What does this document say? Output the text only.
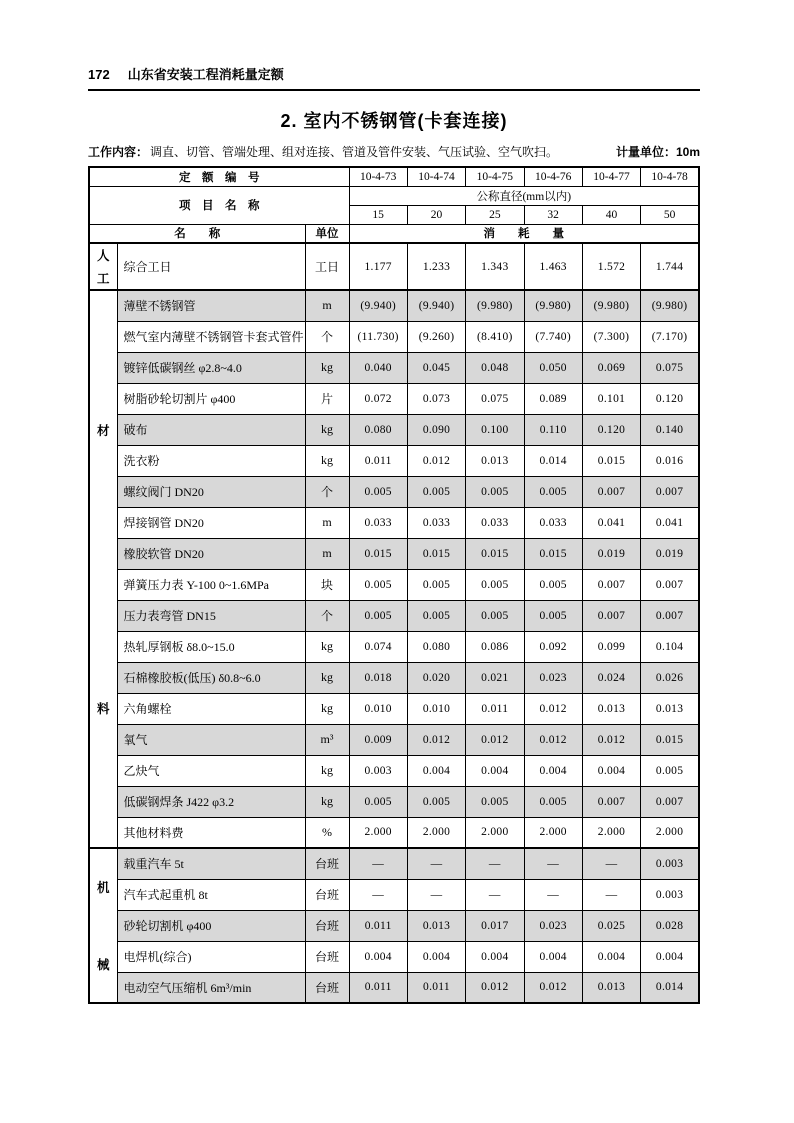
172 山东省安装工程消耗量定额
2. 室内不锈钢管(卡套连接)
工作内容： 调直、切管、管端处理、组对连接、管道及管件安装、气压试验、空气吹扫。	计量单位：10m
定　额　编　号			10-4-73	10-4-74	10-4-75	10-4-76	10-4-77	10-4-78
项　目　名　称			公称直径(mm以内)					
			15	20	25	32	40	50
名　　称		单位	消　　耗　　量					

人
工	综合工日	工日	1.177	1.233	1.343	1.463	1.572	1.744

材
料	薄壁不锈钢管	m	(9.940)	(9.940)	(9.980)	(9.980)	(9.980)	(9.980)
	燃气室内薄壁不锈钢管卡套式管件	个	(11.730)	(9.260)	(8.410)	(7.740)	(7.300)	(7.170)
	镀锌低碳钢丝 φ2.8~4.0	kg	0.040	0.045	0.048	0.050	0.069	0.075
	树脂砂轮切割片 φ400	片	0.072	0.073	0.075	0.089	0.101	0.120
	破布	kg	0.080	0.090	0.100	0.110	0.120	0.140
	洗衣粉	kg	0.011	0.012	0.013	0.014	0.015	0.016
	螺纹阀门 DN20	个	0.005	0.005	0.005	0.005	0.007	0.007
	焊接钢管 DN20	m	0.033	0.033	0.033	0.033	0.041	0.041
	橡胶软管 DN20	m	0.015	0.015	0.015	0.015	0.019	0.019
	弹簧压力表 Y-100 0~1.6MPa	块	0.005	0.005	0.005	0.005	0.007	0.007
	压力表弯管 DN15	个	0.005	0.005	0.005	0.005	0.007	0.007
	热轧厚钢板 δ8.0~15.0	kg	0.074	0.080	0.086	0.092	0.099	0.104
	石棉橡胶板(低压) δ0.8~6.0	kg	0.018	0.020	0.021	0.023	0.024	0.026
	六角螺栓	kg	0.010	0.010	0.011	0.012	0.013	0.013
	氧气	m³	0.009	0.012	0.012	0.012	0.012	0.015
	乙炔气	kg	0.003	0.004	0.004	0.004	0.004	0.005
	低碳钢焊条 J422 φ3.2	kg	0.005	0.005	0.005	0.005	0.007	0.007
	其他材料费	%	2.000	2.000	2.000	2.000	2.000	2.000

机
械	载重汽车 5t	台班	—	—	—	—	—	0.003
	汽车式起重机 8t	台班	—	—	—	—	—	0.003
	砂轮切割机 φ400	台班	0.011	0.013	0.017	0.023	0.025	0.028
	电焊机(综合)	台班	0.004	0.004	0.004	0.004	0.004	0.004
	电动空气压缩机 6m³/min	台班	0.011	0.011	0.012	0.012	0.013	0.014
